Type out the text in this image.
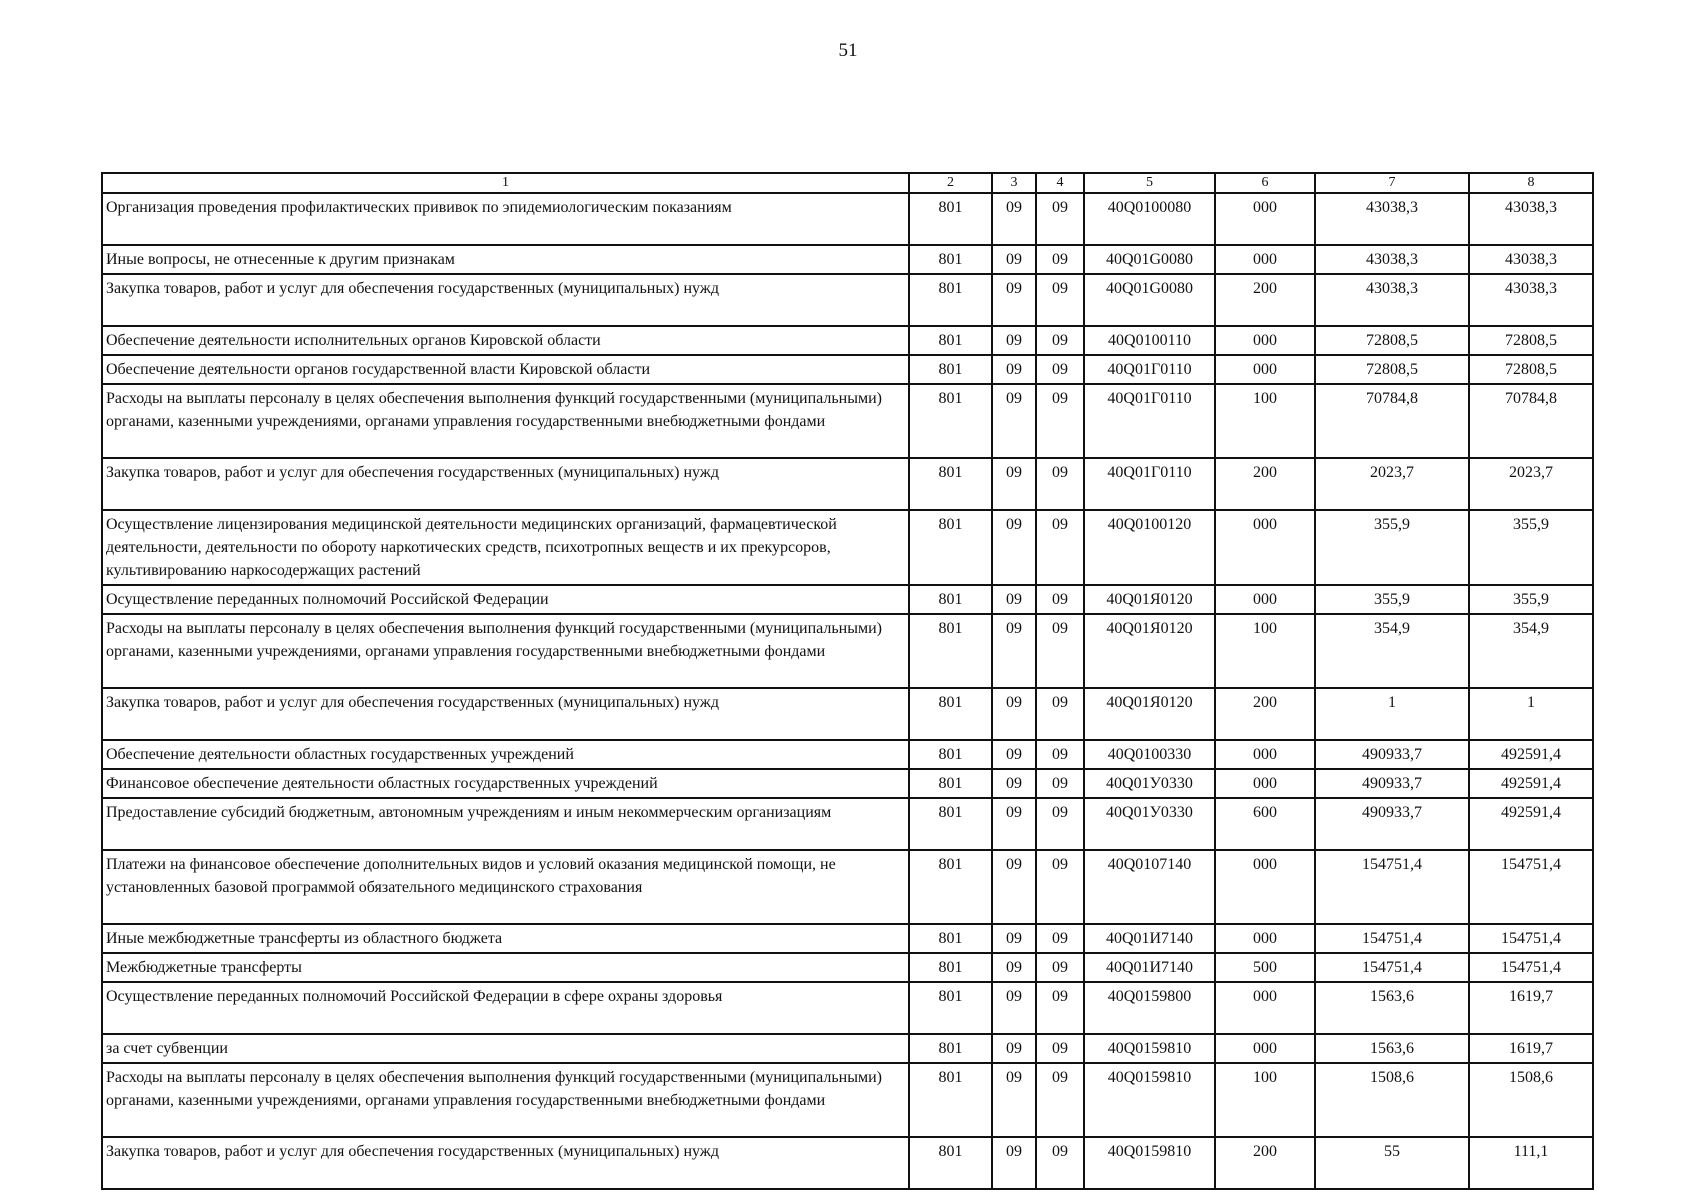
51
1	2	3	4	5	6	7	8
Организация проведения профилактических прививок по эпидемиологическим показаниям	801	09	09	40Q0100080	000	43038,3	43038,3
Иные вопросы, не отнесенные к другим признакам	801	09	09	40Q01G0080	000	43038,3	43038,3
Закупка товаров, работ и услуг для обеспечения государственных (муниципальных) нужд	801	09	09	40Q01G0080	200	43038,3	43038,3
Обеспечение деятельности исполнительных органов Кировской области	801	09	09	40Q0100110	000	72808,5	72808,5
Обеспечение деятельности органов государственной власти Кировской области	801	09	09	40Q01Г0110	000	72808,5	72808,5
Расходы на выплаты персоналу в целях обеспечения выполнения функций государственными (муниципальными) органами, казенными учреждениями, органами управления государственными внебюджетными фондами	801	09	09	40Q01Г0110	100	70784,8	70784,8
Закупка товаров, работ и услуг для обеспечения государственных (муниципальных) нужд	801	09	09	40Q01Г0110	200	2023,7	2023,7
Осуществление лицензирования медицинской деятельности медицинских организаций, фармацевтической деятельности, деятельности по обороту наркотических средств, психотропных веществ и их прекурсоров, культивированию наркосодержащих растений	801	09	09	40Q0100120	000	355,9	355,9
Осуществление переданных полномочий Российской Федерации	801	09	09	40Q01Я0120	000	355,9	355,9
Расходы на выплаты персоналу в целях обеспечения выполнения функций государственными (муниципальными) органами, казенными учреждениями, органами управления государственными внебюджетными фондами	801	09	09	40Q01Я0120	100	354,9	354,9
Закупка товаров, работ и услуг для обеспечения государственных (муниципальных) нужд	801	09	09	40Q01Я0120	200	1	1
Обеспечение деятельности областных государственных учреждений	801	09	09	40Q0100330	000	490933,7	492591,4
Финансовое обеспечение деятельности областных государственных учреждений	801	09	09	40Q01У0330	000	490933,7	492591,4
Предоставление субсидий бюджетным, автономным учреждениям и иным некоммерческим организациям	801	09	09	40Q01У0330	600	490933,7	492591,4
Платежи на финансовое обеспечение дополнительных видов и условий оказания медицинской помощи, не установленных базовой программой обязательного медицинского страхования	801	09	09	40Q0107140	000	154751,4	154751,4
Иные межбюджетные трансферты из областного бюджета	801	09	09	40Q01И7140	000	154751,4	154751,4
Межбюджетные трансферты	801	09	09	40Q01И7140	500	154751,4	154751,4
Осуществление переданных полномочий Российской Федерации в сфере охраны здоровья	801	09	09	40Q0159800	000	1563,6	1619,7
за счет субвенции	801	09	09	40Q0159810	000	1563,6	1619,7
Расходы на выплаты персоналу в целях обеспечения выполнения функций государственными (муниципальными) органами, казенными учреждениями, органами управления государственными внебюджетными фондами	801	09	09	40Q0159810	100	1508,6	1508,6
Закупка товаров, работ и услуг для обеспечения государственных (муниципальных) нужд	801	09	09	40Q0159810	200	55	111,1
